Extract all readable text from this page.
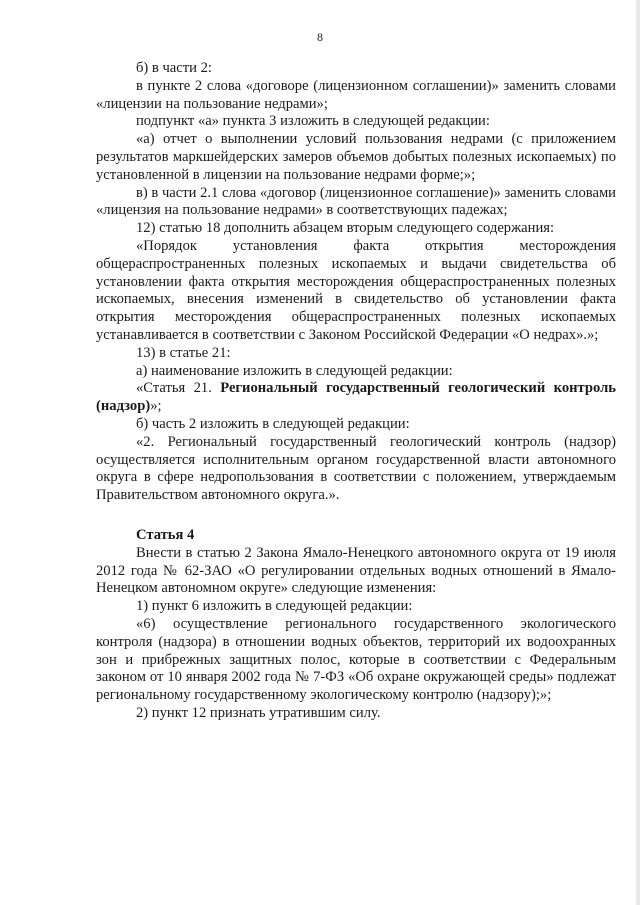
8

б) в части 2:

в пункте 2 слова «договоре (лицензионном соглашении)» заменить словами «лицензии на пользование недрами»;

подпункт «а» пункта 3 изложить в следующей редакции:

«а) отчет о выполнении условий пользования недрами (с приложением результатов маркшейдерских замеров объемов добытых полезных ископаемых) по установленной в лицензии на пользование недрами форме;»;

в) в части 2.1 слова «договор (лицензионное соглашение)» заменить словами «лицензия на пользование недрами» в соответствующих падежах;

12) статью 18 дополнить абзацем вторым следующего содержания:

«Порядок установления факта открытия месторождения общераспространенных полезных ископаемых и выдачи свидетельства об установлении факта открытия месторождения общераспространенных полезных ископаемых, внесения изменений в свидетельство об установлении факта открытия месторождения общераспространенных полезных ископаемых устанавливается в соответствии с Законом Российской Федерации «О недрах».»;

13) в статье 21:

а) наименование изложить в следующей редакции:

«Статья 21. Региональный государственный геологический контроль (надзор)»;

б) часть 2 изложить в следующей редакции:

«2. Региональный государственный геологический контроль (надзор) осуществляется исполнительным органом государственной власти автономного округа в сфере недропользования в соответствии с положением, утверждаемым Правительством автономного округа.».

Статья 4

Внести в статью 2 Закона Ямало-Ненецкого автономного округа от 19 июля 2012 года № 62-ЗАО «О регулировании отдельных водных отношений в Ямало-Ненецком автономном округе» следующие изменения:

1) пункт 6 изложить в следующей редакции:

«6) осуществление регионального государственного экологического контроля (надзора) в отношении водных объектов, территорий их водоохранных зон и прибрежных защитных полос, которые в соответствии с Федеральным законом от 10 января 2002 года № 7-ФЗ «Об охране окружающей среды» подлежат региональному государственному экологическому контролю (надзору);»;

2) пункт 12 признать утратившим силу.
